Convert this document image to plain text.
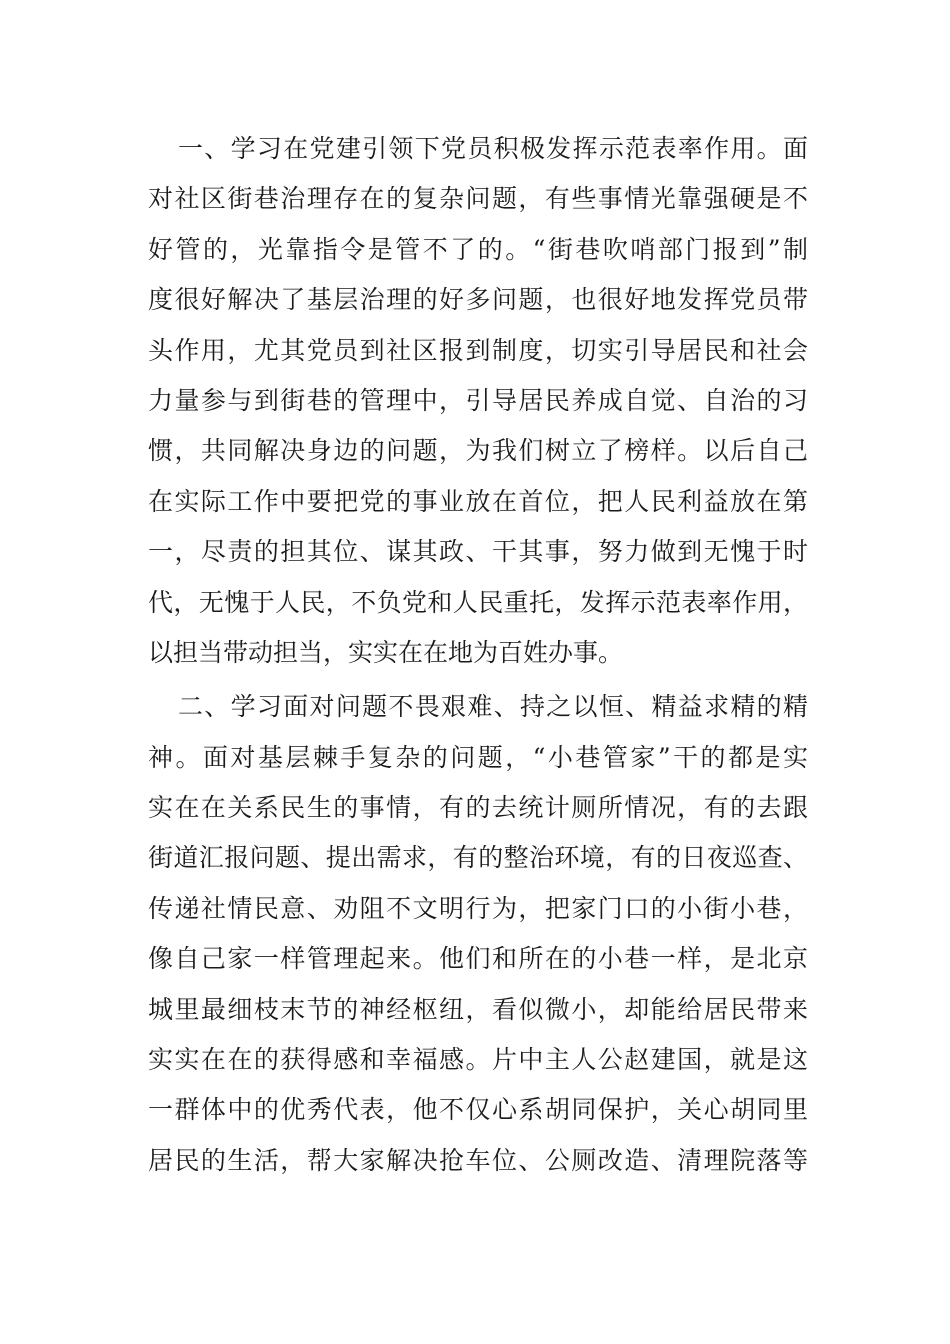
一、学习在党建引领下党员积极发挥示范表率作用。面
对社区街巷治理存在的复杂问题，有些事情光靠强硬是不
好管的，光靠指令是管不了的。“街巷吹哨部门报到”制
度很好解决了基层治理的好多问题，也很好地发挥党员带
头作用，尤其党员到社区报到制度，切实引导居民和社会
力量参与到街巷的管理中，引导居民养成自觉、自治的习
惯，共同解决身边的问题，为我们树立了榜样。以后自己
在实际工作中要把党的事业放在首位，把人民利益放在第
一，尽责的担其位、谋其政、干其事，努力做到无愧于时
代，无愧于人民，不负党和人民重托，发挥示范表率作用，
以担当带动担当，实实在在地为百姓办事。
二、学习面对问题不畏艰难、持之以恒、精益求精的精
神。面对基层棘手复杂的问题，“小巷管家”干的都是实
实在在关系民生的事情，有的去统计厕所情况，有的去跟
街道汇报问题、提出需求，有的整治环境，有的日夜巡查、
传递社情民意、劝阻不文明行为，把家门口的小街小巷，
像自己家一样管理起来。他们和所在的小巷一样，是北京
城里最细枝末节的神经枢纽，看似微小，却能给居民带来
实实在在的获得感和幸福感。片中主人公赵建国，就是这
一群体中的优秀代表，他不仅心系胡同保护，关心胡同里
居民的生活，帮大家解决抢车位、公厕改造、清理院落等
